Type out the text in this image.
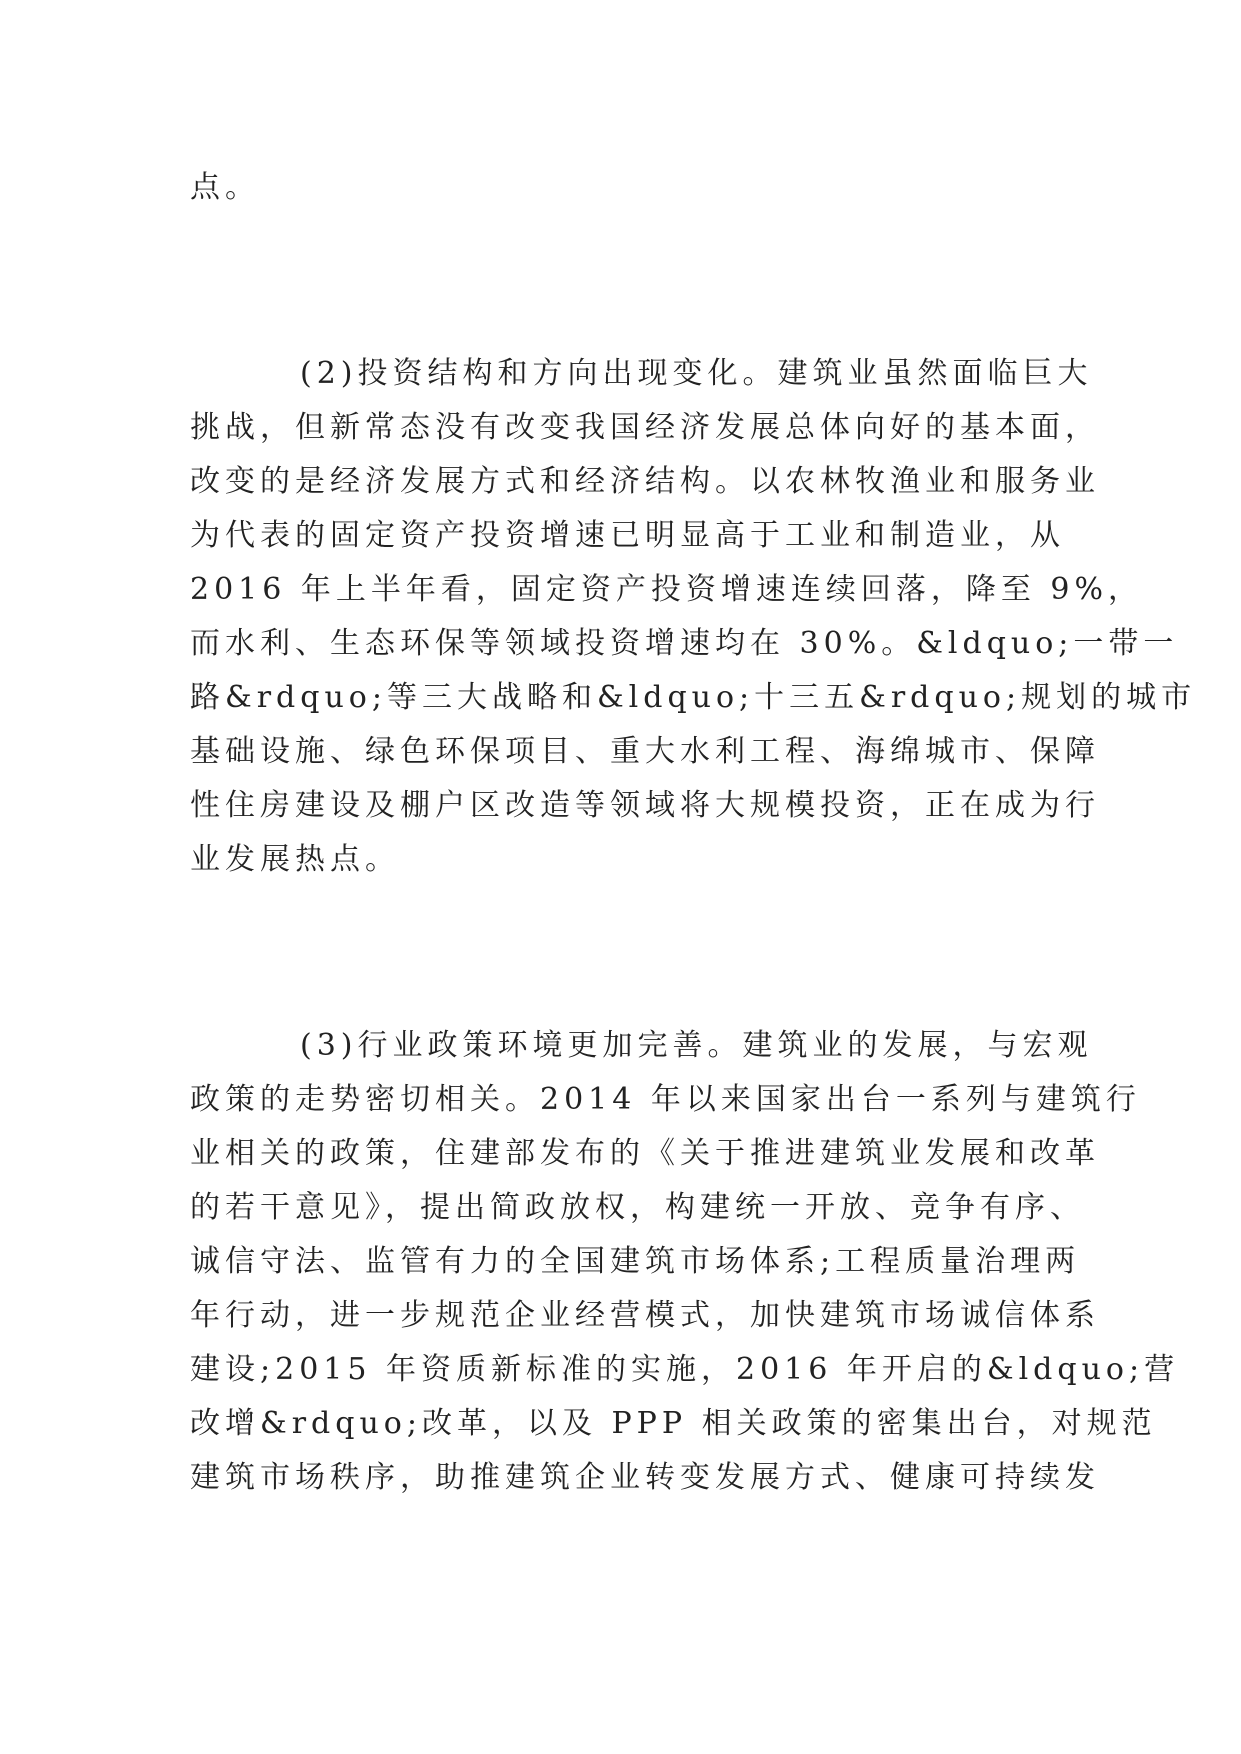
点。
(2)投资结构和方向出现变化。建筑业虽然面临巨大
挑战，但新常态没有改变我国经济发展总体向好的基本面，
改变的是经济发展方式和经济结构。以农林牧渔业和服务业
为代表的固定资产投资增速已明显高于工业和制造业，从
2016 年上半年看，固定资产投资增速连续回落，降至 9%，
而水利、生态环保等领域投资增速均在 30%。&ldquo;一带一
路&rdquo;等三大战略和&ldquo;十三五&rdquo;规划的城市
基础设施、绿色环保项目、重大水利工程、海绵城市、保障
性住房建设及棚户区改造等领域将大规模投资，正在成为行
业发展热点。
(3)行业政策环境更加完善。建筑业的发展，与宏观
政策的走势密切相关。2014 年以来国家出台一系列与建筑行
业相关的政策，住建部发布的《关于推进建筑业发展和改革
的若干意见》，提出简政放权，构建统一开放、竞争有序、
诚信守法、监管有力的全国建筑市场体系;工程质量治理两
年行动，进一步规范企业经营模式，加快建筑市场诚信体系
建设;2015 年资质新标准的实施，2016 年开启的&ldquo;营
改增&rdquo;改革，以及 PPP 相关政策的密集出台，对规范
建筑市场秩序，助推建筑企业转变发展方式、健康可持续发
